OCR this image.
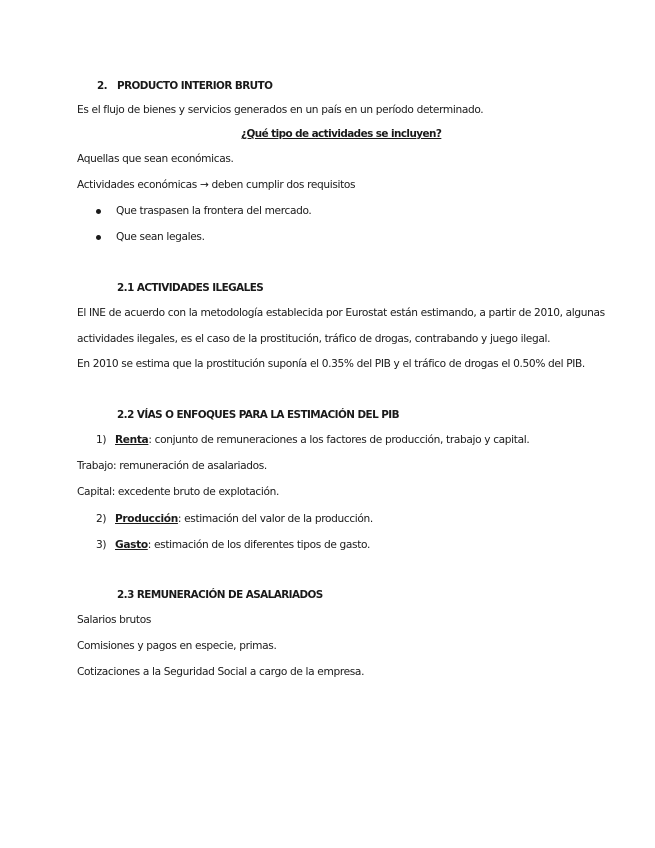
2. PRODUCTO INTERIOR BRUTO
Es el flujo de bienes y servicios generados en un país en un período determinado.
¿Qué tipo de actividades se incluyen?
Aquellas que sean económicas.
Actividades económicas → deben cumplir dos requisitos
Que traspasen la frontera del mercado.
Que sean legales.
2.1 ACTIVIDADES ILEGALES
El INE de acuerdo con la metodología establecida por Eurostat están estimando, a partir de 2010, algunas
actividades ilegales, es el caso de la prostitución, tráfico de drogas, contrabando y juego ilegal.
En 2010 se estima que la prostitución suponía el 0.35% del PIB y el tráfico de drogas el 0.50% del PIB.
2.2 VÍAS O ENFOQUES PARA LA ESTIMACIÓN DEL PIB
1) Renta: conjunto de remuneraciones a los factores de producción, trabajo y capital.
Trabajo: remuneración de asalariados.
Capital: excedente bruto de explotación.
2) Producción: estimación del valor de la producción.
3) Gasto: estimación de los diferentes tipos de gasto.
2.3 REMUNERACIÓN DE ASALARIADOS
Salarios brutos
Comisiones y pagos en especie, primas.
Cotizaciones a la Seguridad Social a cargo de la empresa.
